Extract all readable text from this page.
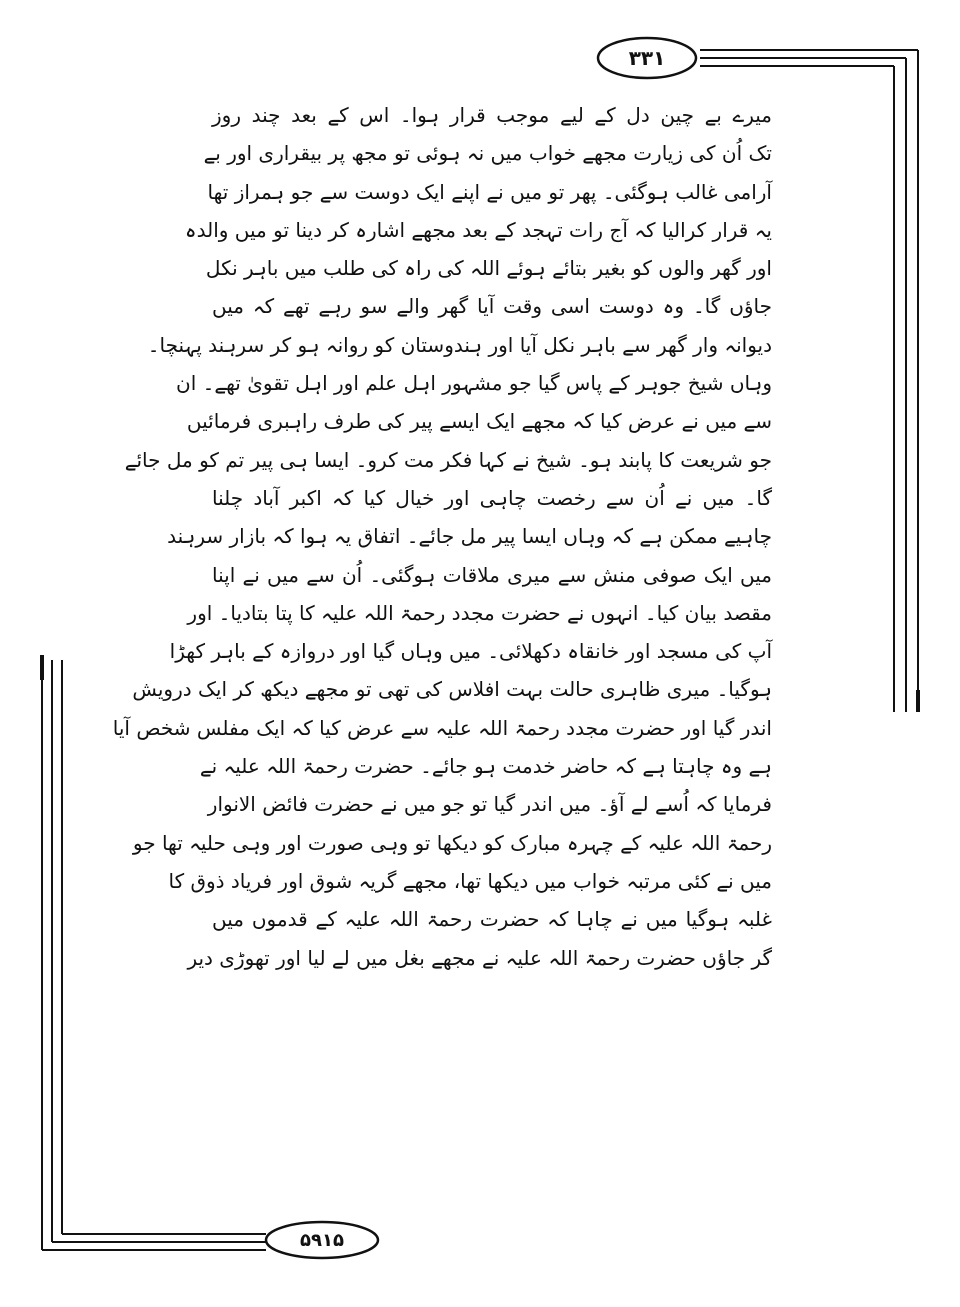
۳۳۱
۵۹۱۵
میرے بے چین دل کے لیے موجب قرار ہوا۔ اس کے بعد چند روز
تک اُن کی زیارت مجھے خواب میں نہ ہوئی تو مجھ پر بیقراری اور بے
آرامی غالب ہوگئی۔ پھر تو میں نے اپنے ایک دوست سے جو ہمراز تھا
یہ قرار کرالیا کہ آج رات تہجد کے بعد مجھے اشارہ کر دینا تو میں والدہ
اور گھر والوں کو بغیر بتائے ہوئے اللہ کی راہ کی طلب میں باہر نکل
جاؤں گا۔ وہ دوست اسی وقت آیا گھر والے سو رہے تھے کہ میں
دیوانہ وار گھر سے باہر نکل آیا اور ہندوستان کو روانہ ہو کر سرہند پہنچا۔
وہاں شیخ جوہر کے پاس گیا جو مشہور اہل علم اور اہل تقویٰ تھے۔ ان
سے میں نے عرض کیا کہ مجھے ایک ایسے پیر کی طرف راہبری فرمائیں
جو شریعت کا پابند ہو۔ شیخ نے کہا فکر مت کرو۔ ایسا ہی پیر تم کو مل جائے
گا۔ میں نے اُن سے رخصت چاہی اور خیال کیا کہ اکبر آباد چلنا
چاہیے ممکن ہے کہ وہاں ایسا پیر مل جائے۔ اتفاق یہ ہوا کہ بازار سرہند
میں ایک صوفی منش سے میری ملاقات ہوگئی۔ اُن سے میں نے اپنا
مقصد بیان کیا۔ انہوں نے حضرت مجدد رحمۃ اللہ علیہ کا پتا بتادیا۔ اور
آپ کی مسجد اور خانقاہ دکھلائی۔ میں وہاں گیا اور دروازہ کے باہر کھڑا
ہوگیا۔ میری ظاہری حالت بہت افلاس کی تھی تو مجھے دیکھ کر ایک درویش
اندر گیا اور حضرت مجدد رحمۃ اللہ علیہ سے عرض کیا کہ ایک مفلس شخص آیا
ہے وہ چاہتا ہے کہ حاضر خدمت ہو جائے۔ حضرت رحمۃ اللہ علیہ نے
فرمایا کہ اُسے لے آؤ۔ میں اندر گیا تو جو میں نے حضرت فائض الانوار
رحمۃ اللہ علیہ کے چہرہ مبارک کو دیکھا تو وہی صورت اور وہی حلیہ تھا جو
میں نے کئی مرتبہ خواب میں دیکھا تھا، مجھے گریہ شوق اور فریاد ذوق کا
غلبہ ہوگیا میں نے چاہا کہ حضرت رحمۃ اللہ علیہ کے قدموں میں
گر جاؤں حضرت رحمۃ اللہ علیہ نے مجھے بغل میں لے لیا اور تھوڑی دیر
